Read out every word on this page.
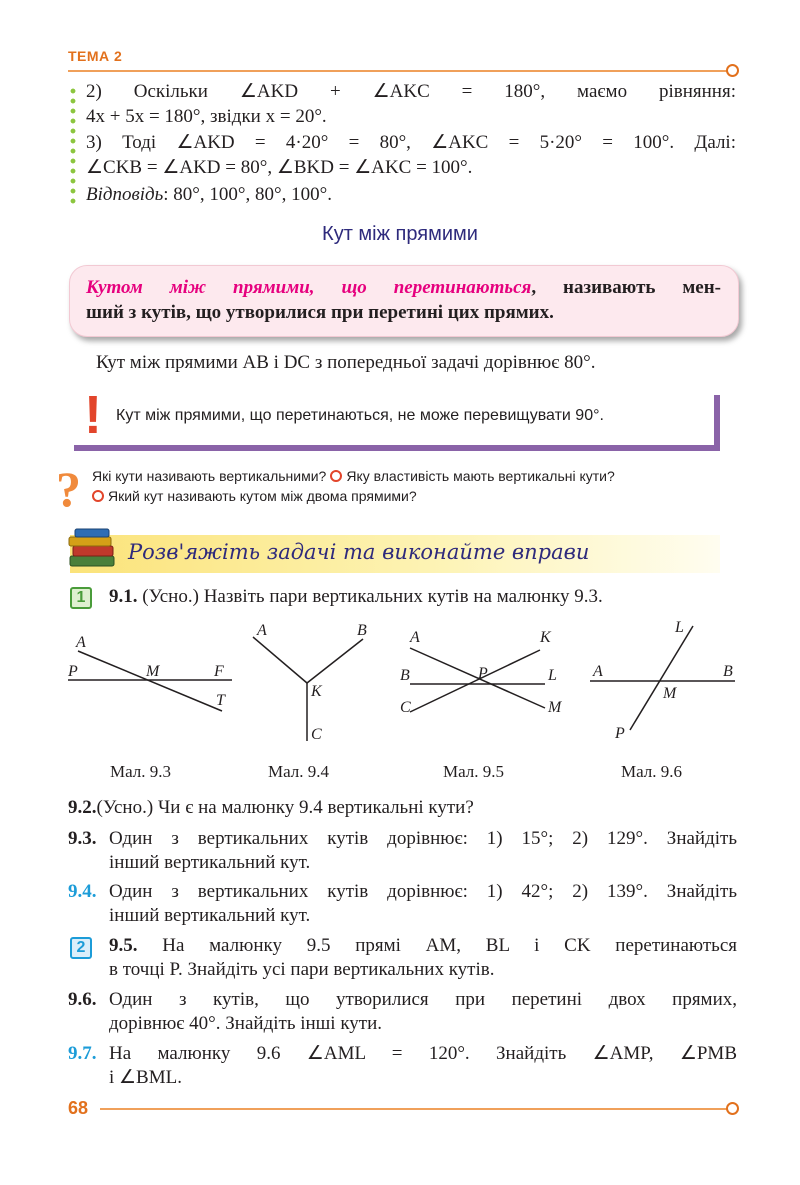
ТЕМА 2
2) Оскільки ∠AKD + ∠AKC = 180°, маємо рівняння:
4x + 5x = 180°, звідки x = 20°.
3) Тоді ∠AKD = 4·20° = 80°, ∠AKC = 5·20° = 100°. Далі:
∠CKB = ∠AKD = 80°, ∠BKD = ∠AKC = 100°.
Відповідь: 80°, 100°, 80°, 100°.
Кут між прямими
Кутом між прямими, що перетинаються, називають мен-
ший з кутів, що утворилися при перетині цих прямих.
Кут між прямими AB і DC з попередньої задачі дорівнює 80°.
! Кут між прямими, що перетинаються, не може перевищувати 90°.
? Які кути називають вертикальними? Яку властивість мають вертикальні кути?
Який кут називають кутом між двома прямими?
Розв'яжіть задачі та виконайте вправи
1	9.1. (Усно.) Назвіть пари вертикальних кутів на малюнку 9.3.
A
P	M	F
T
A	B
K
C
A	K
B	P	L
C	M
L
A	B
M
P
Мал. 9.3	Мал. 9.4	Мал. 9.5	Мал. 9.6
9.2.(Усно.) Чи є на малюнку 9.4 вертикальні кути?
9.3. Один з вертикальних кутів дорівнює: 1) 15°; 2) 129°. Знайдіть
інший вертикальний кут.
9.4. Один з вертикальних кутів дорівнює: 1) 42°; 2) 139°. Знайдіть
інший вертикальний кут.
2	9.5. На малюнку 9.5 прямі AM, BL і CK перетинаються
в точці P. Знайдіть усі пари вертикальних кутів.
9.6. Один з кутів, що утворилися при перетині двох прямих,
дорівнює 40°. Знайдіть інші кути.
9.7. На малюнку 9.6 ∠AML = 120°. Знайдіть ∠AMP, ∠PMB
і ∠BML.
68
